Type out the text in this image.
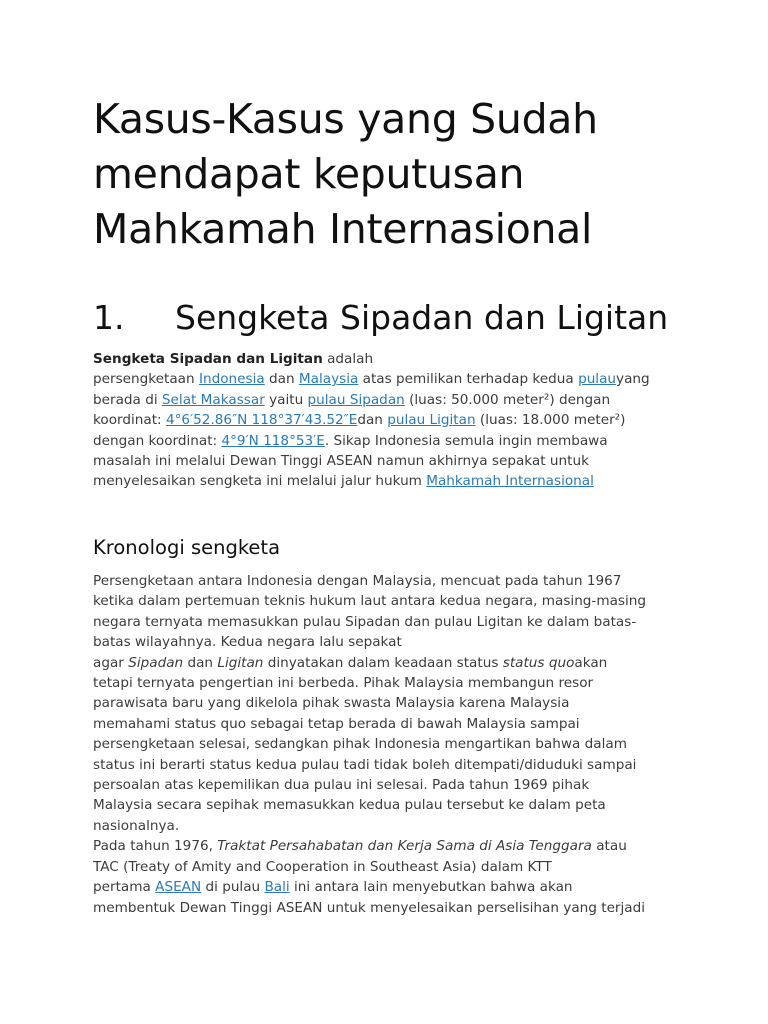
Kasus-Kasus yang Sudah
mendapat keputusan
Mahkamah Internasional
1. Sengketa Sipadan dan Ligitan
Sengketa Sipadan dan Ligitan adalah
persengketaan Indonesia dan Malaysia atas pemilikan terhadap kedua pulauyang
berada di Selat Makassar yaitu pulau Sipadan (luas: 50.000 meter²) dengan
koordinat: 4°6′52.86″N 118°37′43.52″Edan pulau Ligitan (luas: 18.000 meter²)
dengan koordinat: 4°9′N 118°53′E. Sikap Indonesia semula ingin membawa
masalah ini melalui Dewan Tinggi ASEAN namun akhirnya sepakat untuk
menyelesaikan sengketa ini melalui jalur hukum Mahkamah Internasional
Kronologi sengketa
Persengketaan antara Indonesia dengan Malaysia, mencuat pada tahun 1967
ketika dalam pertemuan teknis hukum laut antara kedua negara, masing-masing
negara ternyata memasukkan pulau Sipadan dan pulau Ligitan ke dalam batas-
batas wilayahnya. Kedua negara lalu sepakat
agar Sipadan dan Ligitan dinyatakan dalam keadaan status status quoakan
tetapi ternyata pengertian ini berbeda. Pihak Malaysia membangun resor
parawisata baru yang dikelola pihak swasta Malaysia karena Malaysia
memahami status quo sebagai tetap berada di bawah Malaysia sampai
persengketaan selesai, sedangkan pihak Indonesia mengartikan bahwa dalam
status ini berarti status kedua pulau tadi tidak boleh ditempati/diduduki sampai
persoalan atas kepemilikan dua pulau ini selesai. Pada tahun 1969 pihak
Malaysia secara sepihak memasukkan kedua pulau tersebut ke dalam peta
nasionalnya.
Pada tahun 1976, Traktat Persahabatan dan Kerja Sama di Asia Tenggara atau
TAC (Treaty of Amity and Cooperation in Southeast Asia) dalam KTT
pertama ASEAN di pulau Bali ini antara lain menyebutkan bahwa akan
membentuk Dewan Tinggi ASEAN untuk menyelesaikan perselisihan yang terjadi
